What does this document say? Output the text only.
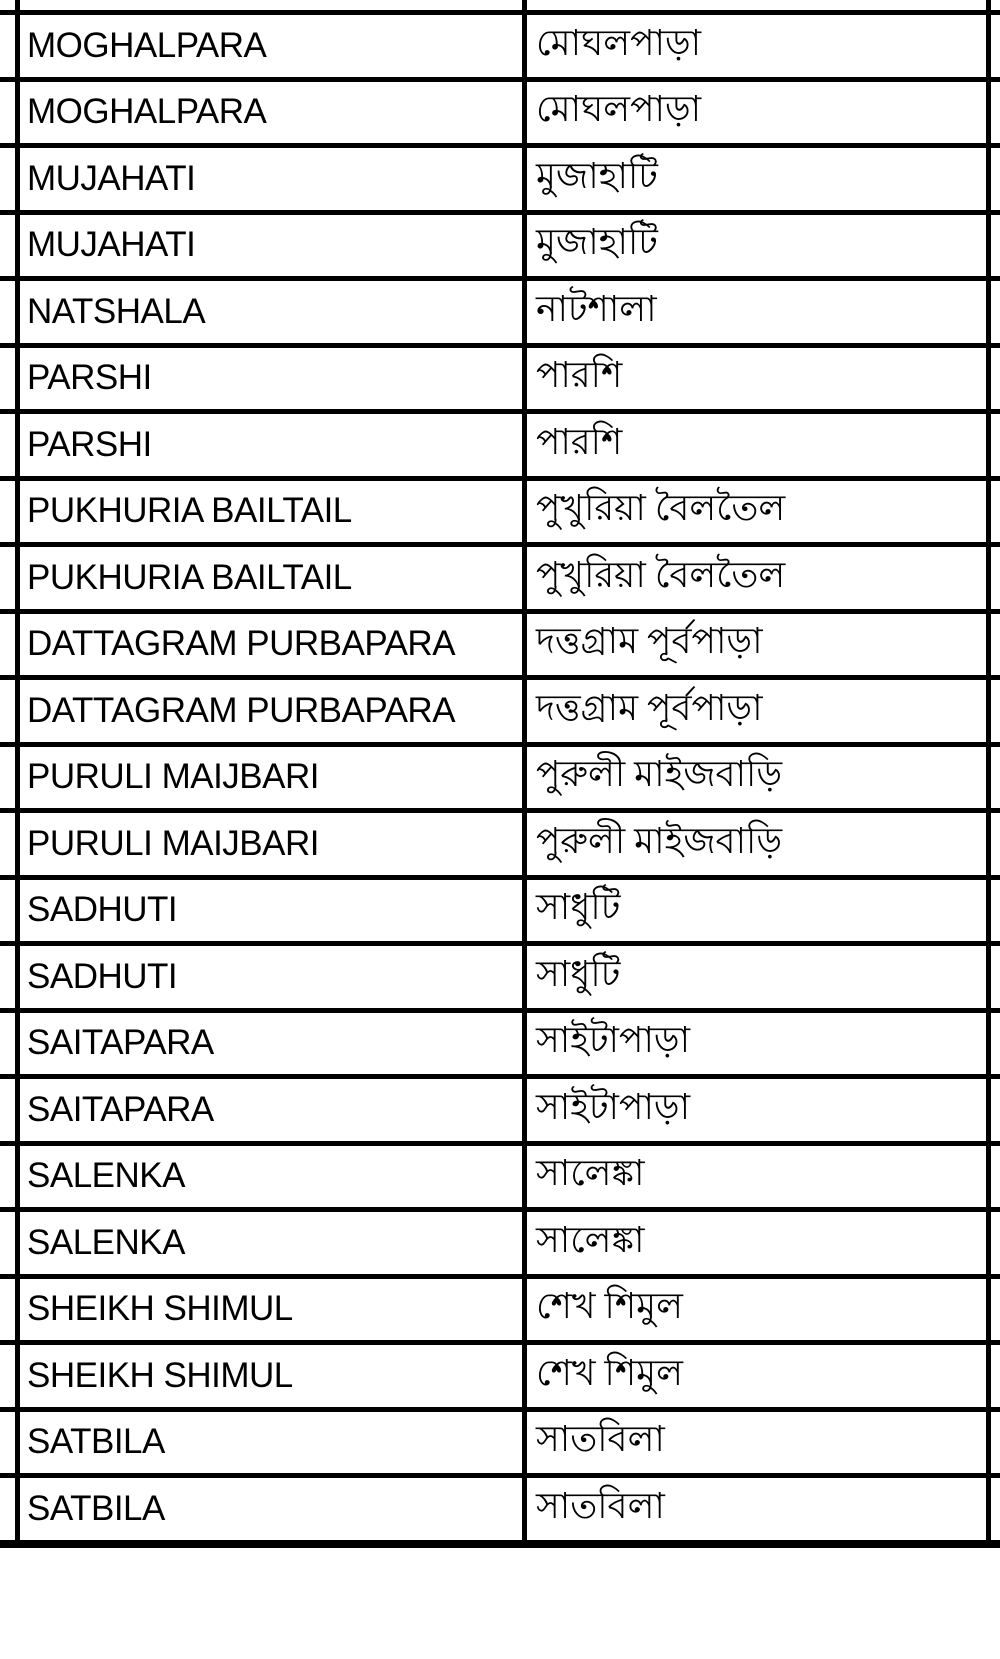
MOGHALPARA	মোঘলপাড়া
MOGHALPARA	মোঘলপাড়া
MUJAHATI	মুজাহাটি
MUJAHATI	মুজাহাটি
NATSHALA	নাটশালা
PARSHI	পারশি
PARSHI	পারশি
PUKHURIA BAILTAIL	পুখুরিয়া বৈলতৈল
PUKHURIA BAILTAIL	পুখুরিয়া বৈলতৈল
DATTAGRAM PURBAPARA	দত্তগ্রাম পূর্বপাড়া
DATTAGRAM PURBAPARA	দত্তগ্রাম পূর্বপাড়া
PURULI MAIJBARI	পুরুলী মাইজবাড়ি
PURULI MAIJBARI	পুরুলী মাইজবাড়ি
SADHUTI	সাধুটি
SADHUTI	সাধুটি
SAITAPARA	সাইটাপাড়া
SAITAPARA	সাইটাপাড়া
SALENKA	সালেঙ্কা
SALENKA	সালেঙ্কা
SHEIKH SHIMUL	শেখ শিমুল
SHEIKH SHIMUL	শেখ শিমুল
SATBILA	সাতবিলা
SATBILA	সাতবিলা
